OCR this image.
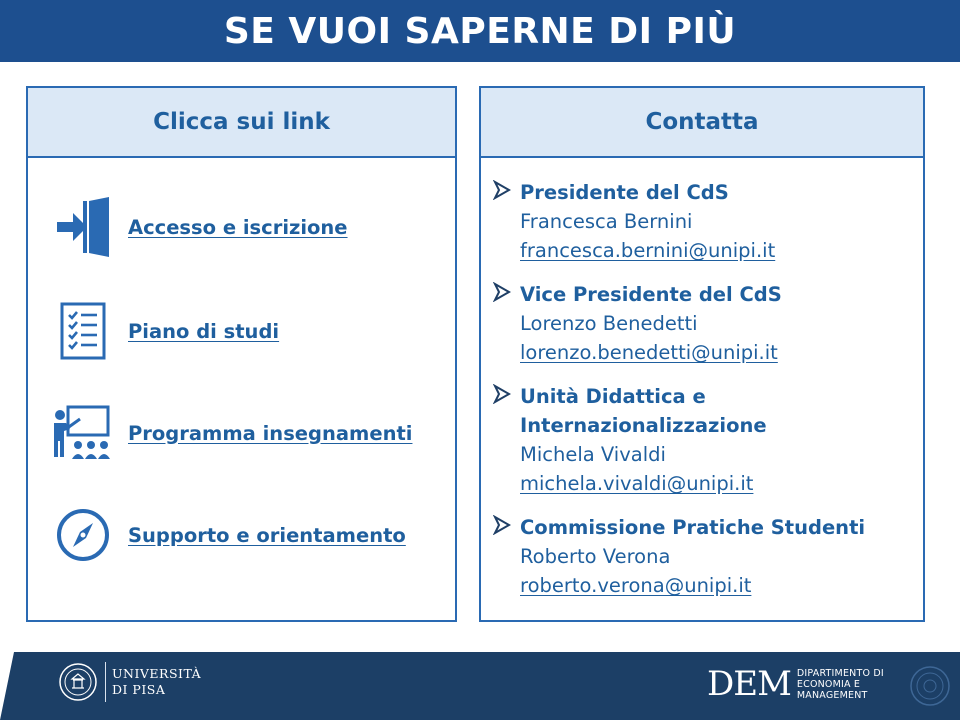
SE VUOI SAPERNE DI PIÙ
Clicca sui link
Accesso e iscrizione
Piano di studi
Programma insegnamenti
Supporto e orientamento
Contatta
Presidente del CdS
Francesca Bernini
francesca.bernini@unipi.it
Vice Presidente del CdS
Lorenzo Benedetti
lorenzo.benedetti@unipi.it
Unità Didattica e
Internazionalizzazione
Michela Vivaldi
michela.vivaldi@unipi.it
Commissione Pratiche Studenti
Roberto Verona
roberto.verona@unipi.it
UNIVERSITÀ
DI PISA	DEM DIPARTIMENTO DI
ECONOMIA E
MANAGEMENT
